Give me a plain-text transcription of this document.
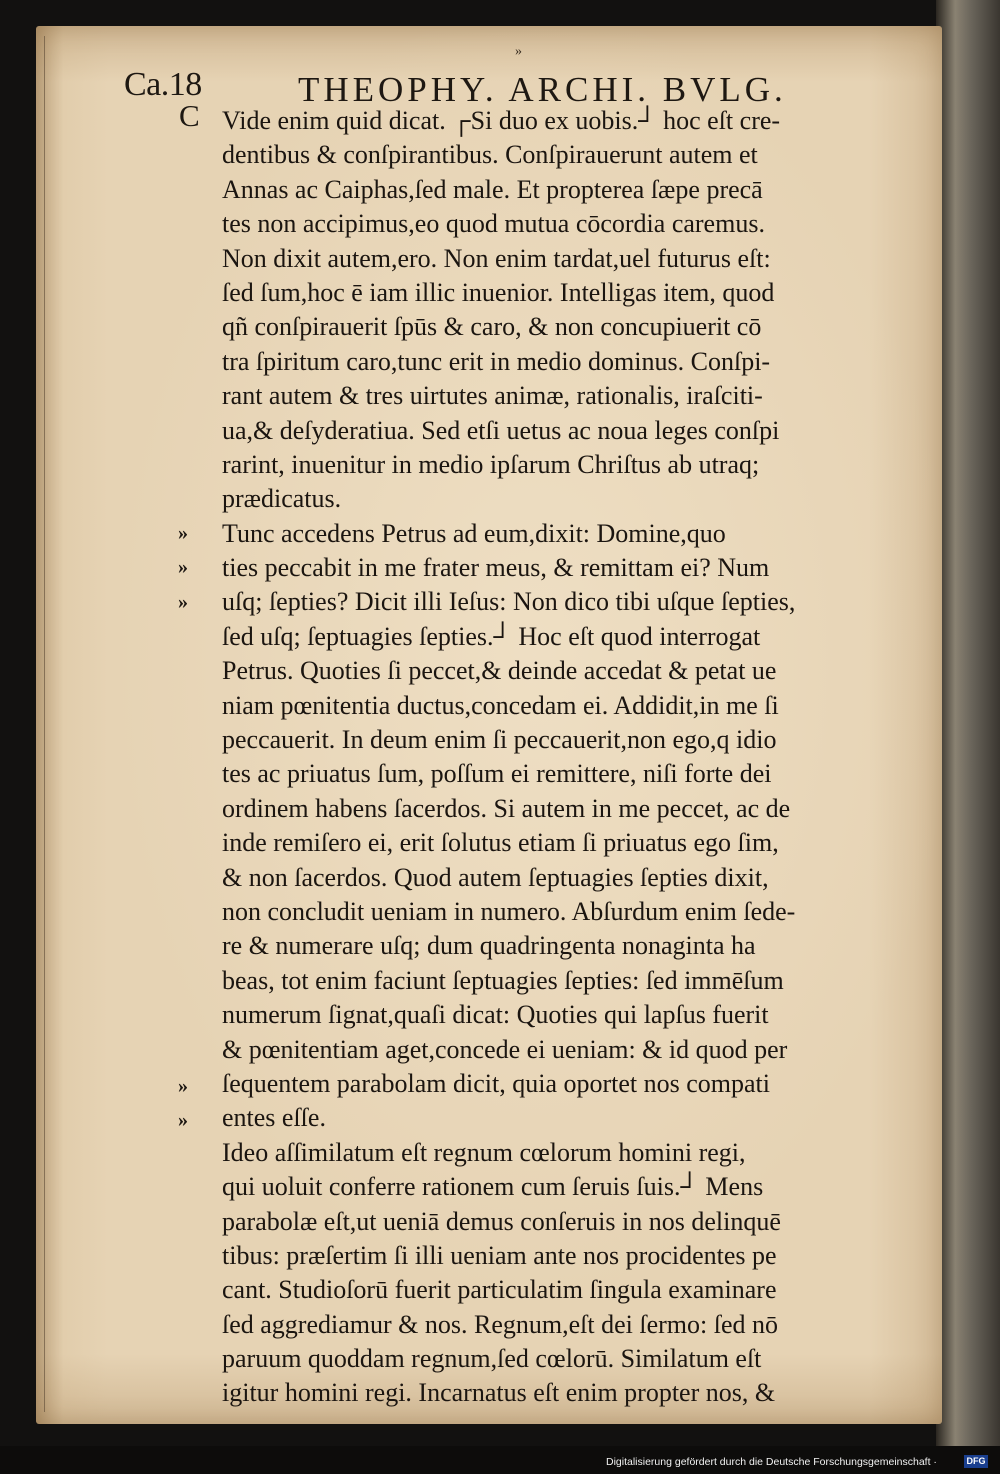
»
Ca.18	THEOPHY. ARCHI. BVLG.
C Vide enim quid dicat. ┌Si duo ex uobis.┘ hoc eſt cre-
dentibus & conſpirantibus. Conſpirauerunt autem et
Annas ac Caiphas,ſed male. Et propterea ſæpe precā
tes non accipimus,eo quod mutua cōcordia caremus.
Non dixit autem,ero. Non enim tardat,uel futurus eſt:
ſed ſum,hoc ē iam illic inuenior. Intelligas item, quod
qñ conſpirauerit ſpūs & caro, & non concupiuerit cō
tra ſpiritum caro,tunc erit in medio dominus. Conſpi-
rant autem & tres uirtutes animæ, rationalis, iraſciti-
ua,& deſyderatiua. Sed etſi uetus ac noua leges conſpi
rarint, inuenitur in medio ipſarum Chriſtus ab utraq;
prædicatus.
Tunc accedens Petrus ad eum,dixit: Domine,quo
ties peccabit in me frater meus, & remittam ei? Num
uſq; ſepties? Dicit illi Ieſus: Non dico tibi uſque ſepties,
ſed uſq; ſeptuagies ſepties.┘ Hoc eſt quod interrogat
Petrus. Quoties ſi peccet,& deinde accedat & petat ue
niam pœnitentia ductus,concedam ei. Addidit,in me ſi
peccauerit. In deum enim ſi peccauerit,non ego,q idio
tes ac priuatus ſum, poſſum ei remittere, niſi forte dei
ordinem habens ſacerdos. Si autem in me peccet, ac de
inde remiſero ei, erit ſolutus etiam ſi priuatus ego ſim,
& non ſacerdos. Quod autem ſeptuagies ſepties dixit,
non concludit ueniam in numero. Abſurdum enim ſede-
re & numerare uſq; dum quadringenta nonaginta ha
beas, tot enim faciunt ſeptuagies ſepties: ſed immēſum
numerum ſignat,quaſi dicat: Quoties qui lapſus fuerit
& pœnitentiam aget,concede ei ueniam: & id quod per
ſequentem parabolam dicit, quia oportet nos compati
entes eſſe.
Ideo aſſimilatum eſt regnum cœlorum homini regi,
qui uoluit conferre rationem cum ſeruis ſuis.┘ Mens
parabolæ eſt,ut ueniā demus conſeruis in nos delinquē
tibus: præſertim ſi illi ueniam ante nos procidentes pe
cant. Studioſorū fuerit particulatim ſingula examinare
ſed aggrediamur & nos. Regnum,eſt dei ſermo: ſed nō
paruum quoddam regnum,ſed cœlorū. Similatum eſt
igitur homini regi. Incarnatus eſt enim propter nos, &
»
»
»
»
»
Digitalisierung gefördert durch die Deutsche Forschungsgemeinschaft ·	DFG
